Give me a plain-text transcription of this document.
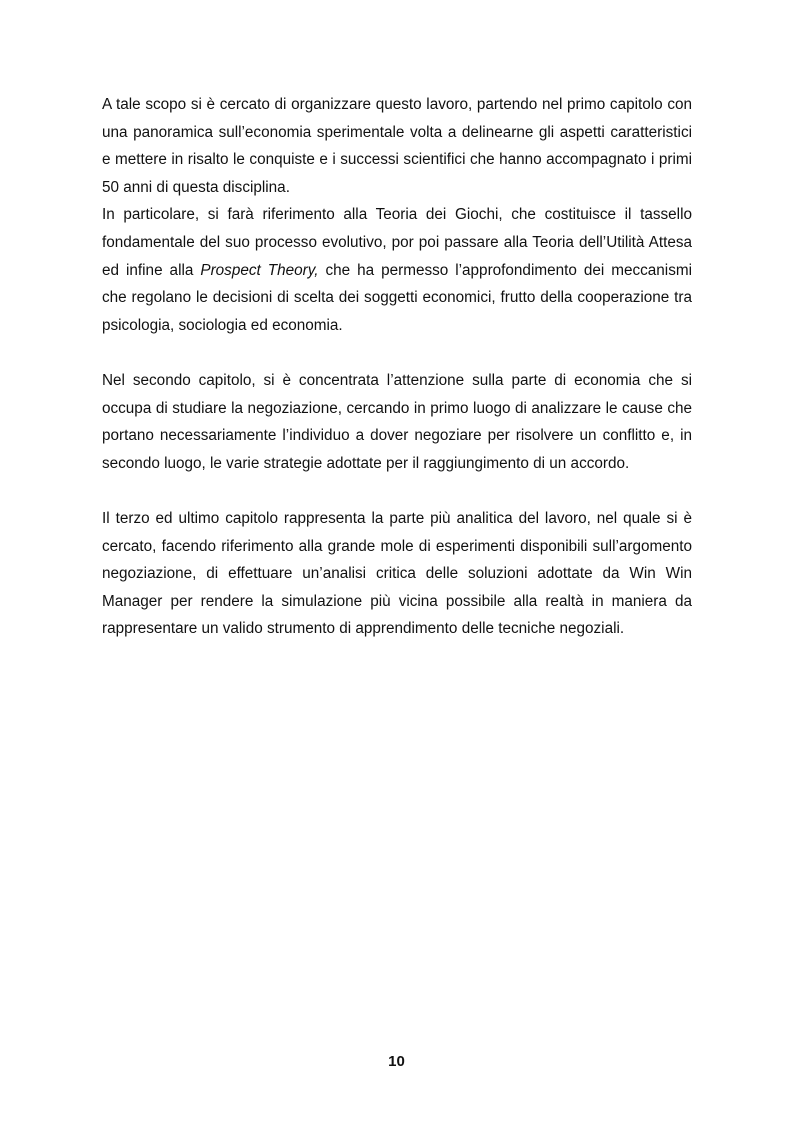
A tale scopo si è cercato di organizzare questo lavoro, partendo nel primo capitolo con una panoramica sull’economia sperimentale volta a delinearne gli aspetti caratteristici e mettere in risalto le conquiste e i successi scientifici che hanno accompagnato i primi 50 anni di questa disciplina.

In particolare, si farà riferimento alla Teoria dei Giochi, che costituisce il tassello fondamentale del suo processo evolutivo, por poi passare alla Teoria dell’Utilità Attesa ed infine alla Prospect Theory, che ha permesso l’approfondimento dei meccanismi che regolano le decisioni di scelta dei soggetti economici, frutto della cooperazione tra psicologia, sociologia ed economia.

Nel secondo capitolo, si è concentrata l’attenzione sulla parte di economia che si occupa di studiare la negoziazione, cercando in primo luogo di analizzare le cause che portano necessariamente l’individuo a dover negoziare per risolvere un conflitto e, in secondo luogo, le varie strategie adottate per il raggiungimento di un accordo.

Il terzo ed ultimo capitolo rappresenta la parte più analitica del lavoro, nel quale si è cercato, facendo riferimento alla grande mole di esperimenti disponibili sull’argomento negoziazione, di effettuare un’analisi critica delle soluzioni adottate da Win Win Manager per rendere la simulazione più vicina possibile alla realtà in maniera da rappresentare un valido strumento di apprendimento delle tecniche negoziali.

10
